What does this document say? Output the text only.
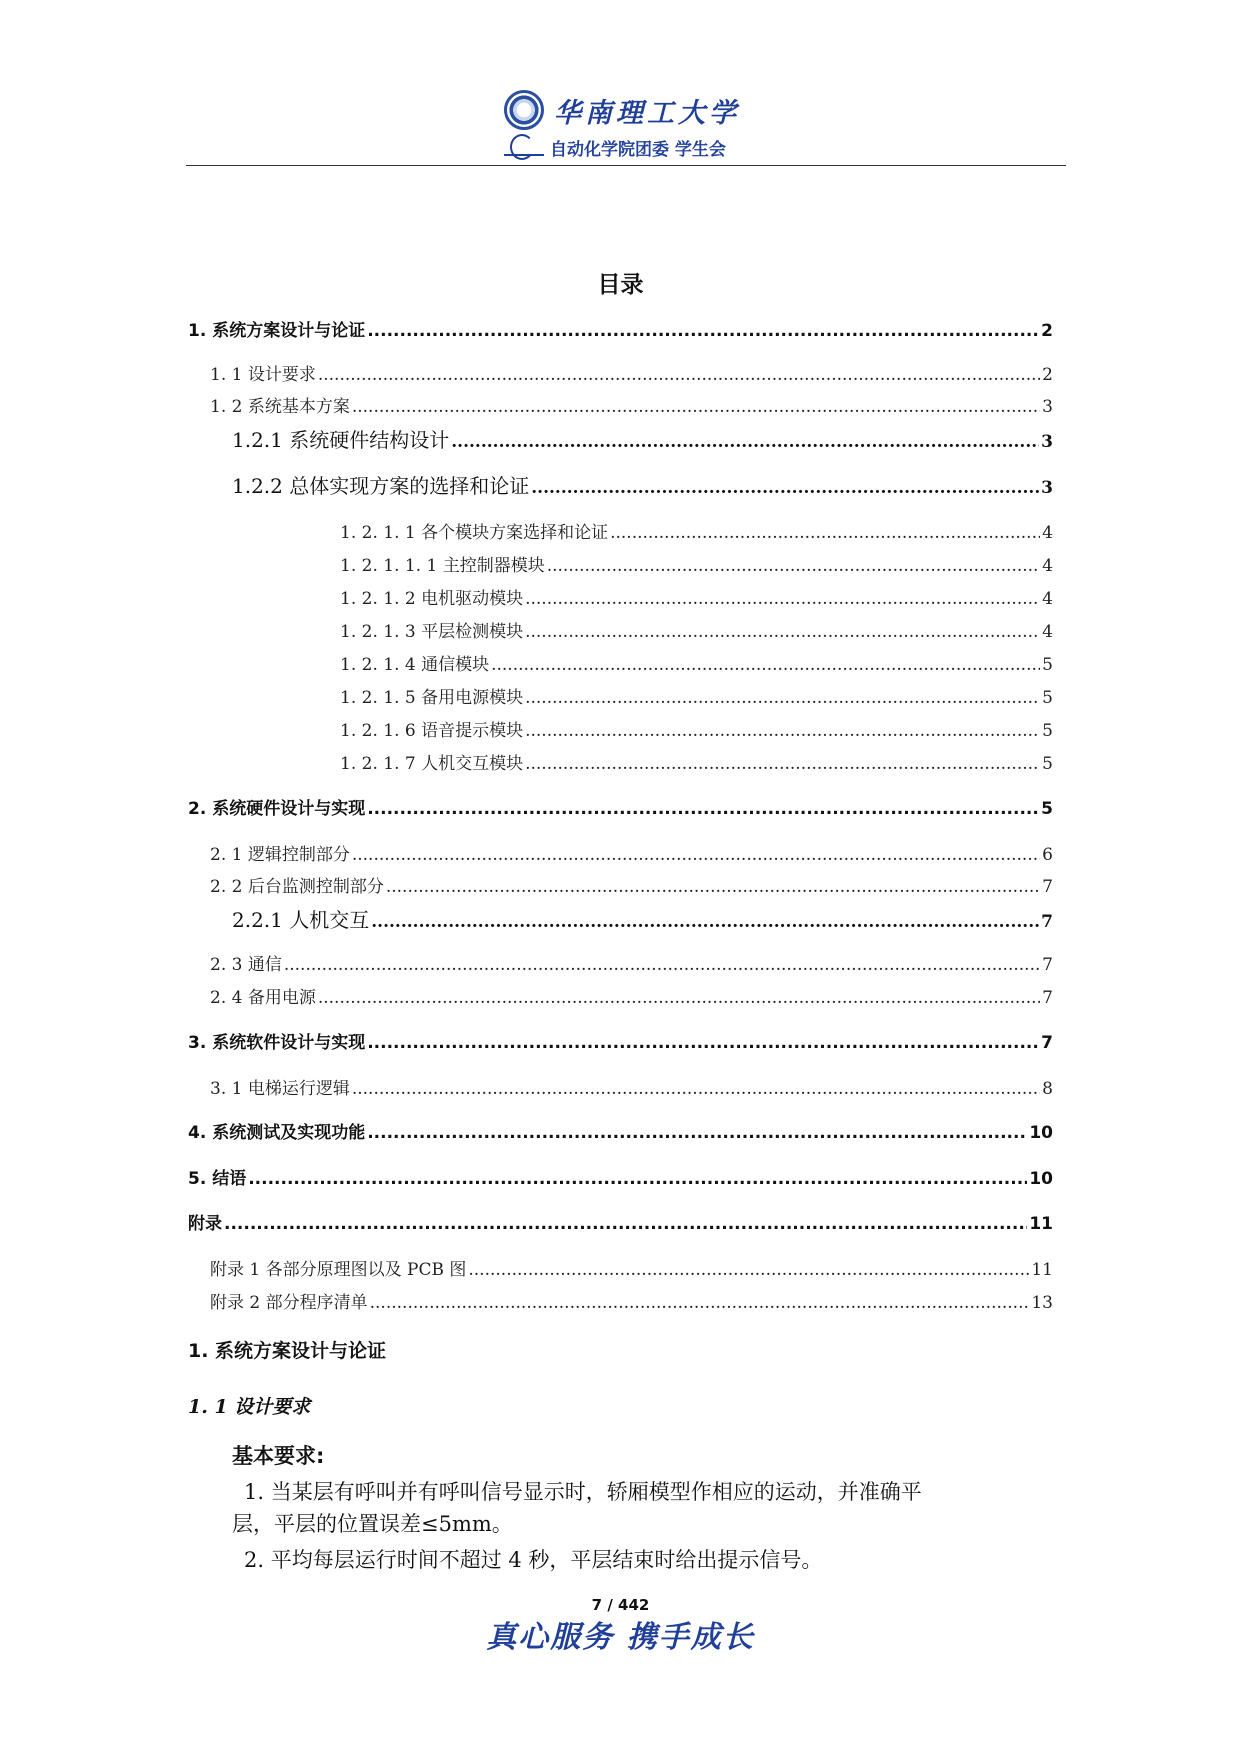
华南理工大学
自动化学院团委 学生会
目录
1. 系统方案设计与论证 .....	2
1. 1 设计要求 .....	2
1. 2 系统基本方案 .....	3
1.2.1 系统硬件结构设计 .....	3
1.2.2 总体实现方案的选择和论证 .....	3
1. 2. 1. 1 各个模块方案选择和论证 .....	4
1. 2. 1. 1. 1 主控制器模块 .....	4
1. 2. 1. 2 电机驱动模块 .....	4
1. 2. 1. 3 平层检测模块 .....	4
1. 2. 1. 4 通信模块 .....	5
1. 2. 1. 5 备用电源模块 .....	5
1. 2. 1. 6 语音提示模块 .....	5
1. 2. 1. 7 人机交互模块 .....	5
2. 系统硬件设计与实现 .....	5
2. 1 逻辑控制部分 .....	6
2. 2 后台监测控制部分 .....	7
2.2.1 人机交互 .....	7
2. 3 通信 .....	7
2. 4 备用电源 .....	7
3. 系统软件设计与实现 .....	7
3. 1 电梯运行逻辑 .....	8
4. 系统测试及实现功能 .....	10
5. 结语 .....	10
附录 .....	11
附录 1 各部分原理图以及 PCB 图 .....	11
附录 2 部分程序清单 .....	13
1. 系统方案设计与论证
1. 1 设计要求
基本要求:
1. 当某层有呼叫并有呼叫信号显示时，轿厢模型作相应的运动，并准确平
层，平层的位置误差≤5mm。
2. 平均每层运行时间不超过 4 秒，平层结束时给出提示信号。
7 / 442
真心服务 携手成长
